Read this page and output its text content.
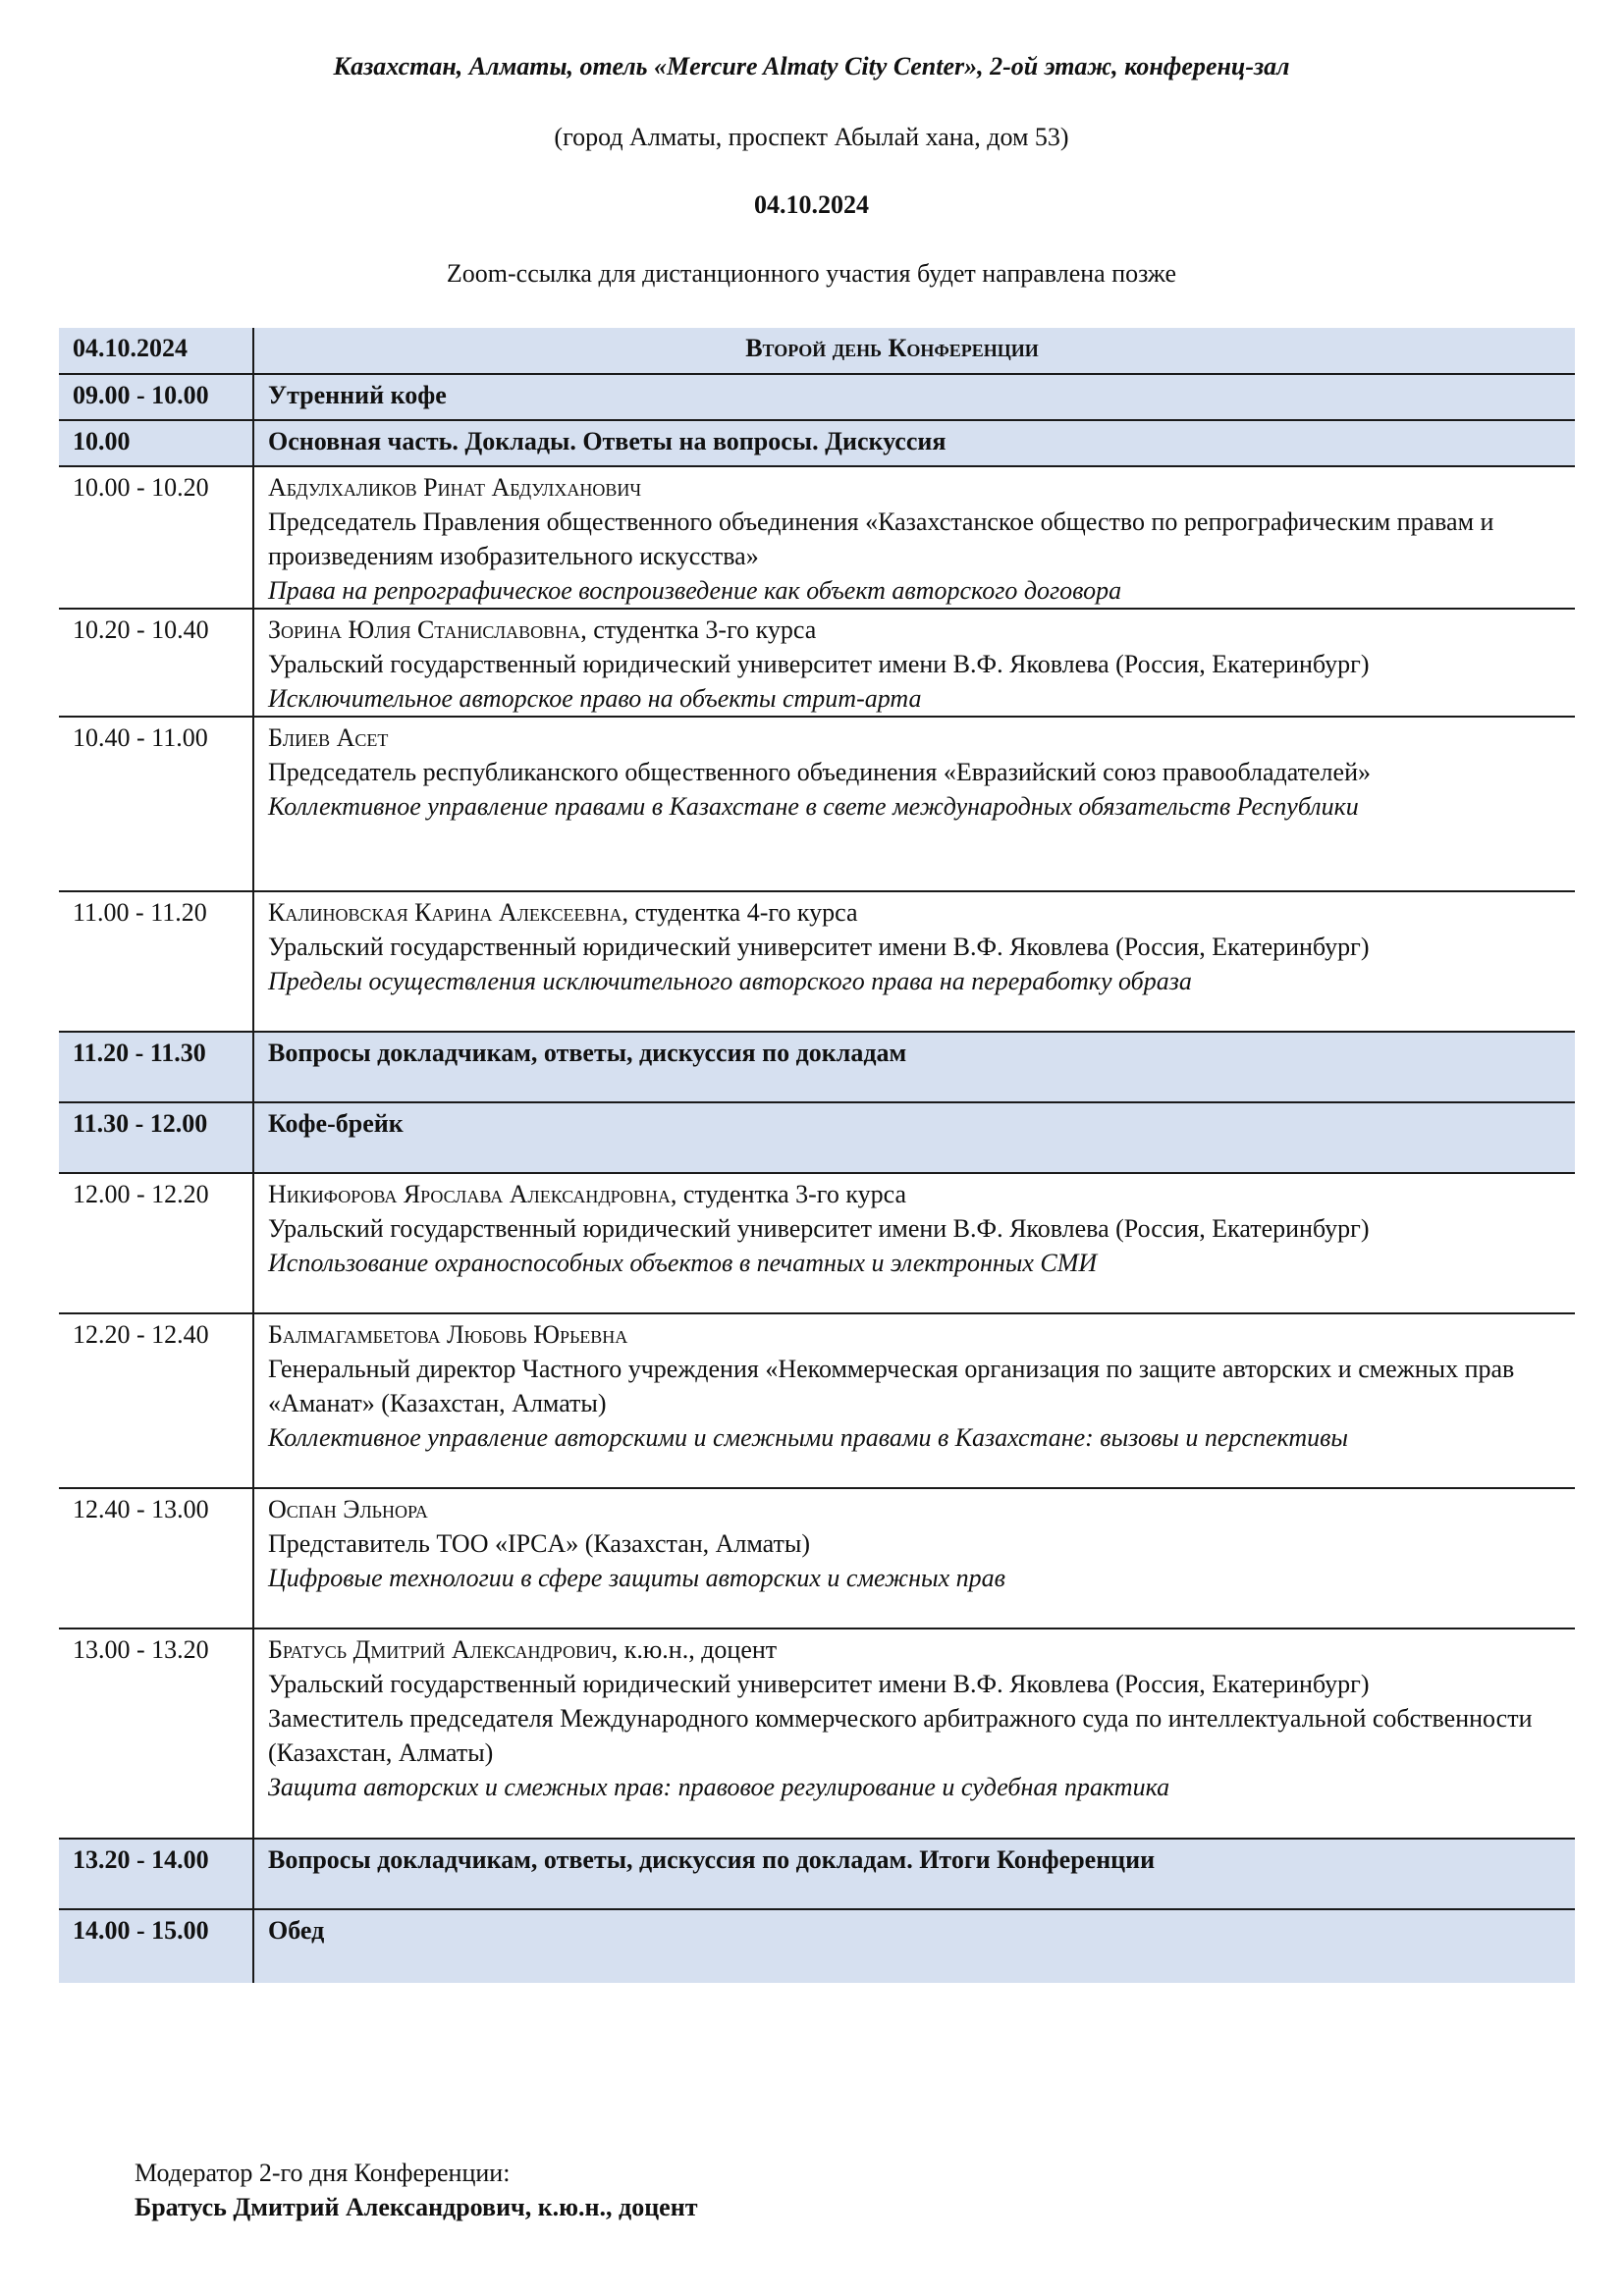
Казахстан, Алматы, отель «Mercure Almaty City Center», 2-ой этаж, конференц-зал
(город Алматы, проспект Абылай хана, дом 53)
04.10.2024
Zoom-ссылка для дистанционного участия будет направлена позже
04.10.2024	Второй день Конференции
09.00 - 10.00	Утренний кофе
10.00	Основная часть. Доклады. Ответы на вопросы. Дискуссия
10.00 - 10.20	Абдулхаликов Ринат Абдулханович
Председатель Правления общественного объединения «Казахстанское общество по репрографическим правам и произведениям изобразительного искусства»
Права на репрографическое воспроизведение как объект авторского договора

10.20 - 10.40	Зорина Юлия Станиславовна, студентка 3-го курса
Уральский государственный юридический университет имени В.Ф. Яковлева (Россия, Екатеринбург)
Исключительное авторское право на объекты стрит-арта

10.40 - 11.00	Блиев Асет
Председатель республиканского общественного объединения «Евразийский союз правообладателей»
Коллективное управление правами в Казахстане в свете международных обязательств Республики

11.00 - 11.20	Калиновская Карина Алексеевна, студентка 4-го курса
Уральский государственный юридический университет имени В.Ф. Яковлева (Россия, Екатеринбург)
Пределы осуществления исключительного авторского права на переработку образа

11.20 - 11.30	Вопросы докладчикам, ответы, дискуссия по докладам
11.30 - 12.00	Кофе-брейк
12.00 - 12.20	Никифорова Ярослава Александровна, студентка 3-го курса
Уральский государственный юридический университет имени В.Ф. Яковлева (Россия, Екатеринбург)
Использование охраноспособных объектов в печатных и электронных СМИ

12.20 - 12.40	Балмагамбетова Любовь Юрьевна
Генеральный директор Частного учреждения «Некоммерческая организация по защите авторских и смежных прав «Аманат» (Казахстан, Алматы)
Коллективное управление авторскими и смежными правами в Казахстане: вызовы и перспективы

12.40 - 13.00	Оспан Эльнора
Представитель ТОО «IPCA» (Казахстан, Алматы)
Цифровые технологии в сфере защиты авторских и смежных прав

13.00 - 13.20	Братусь Дмитрий Александрович, к.ю.н., доцент
Уральский государственный юридический университет имени В.Ф. Яковлева (Россия, Екатеринбург)
Заместитель председателя Международного коммерческого арбитражного суда по интеллектуальной собственности (Казахстан, Алматы)
Защита авторских и смежных прав: правовое регулирование и судебная практика

13.20 - 14.00	Вопросы докладчикам, ответы, дискуссия по докладам. Итоги Конференции
14.00 - 15.00	Обед
Модератор 2-го дня Конференции:
Братусь Дмитрий Александрович, к.ю.н., доцент
